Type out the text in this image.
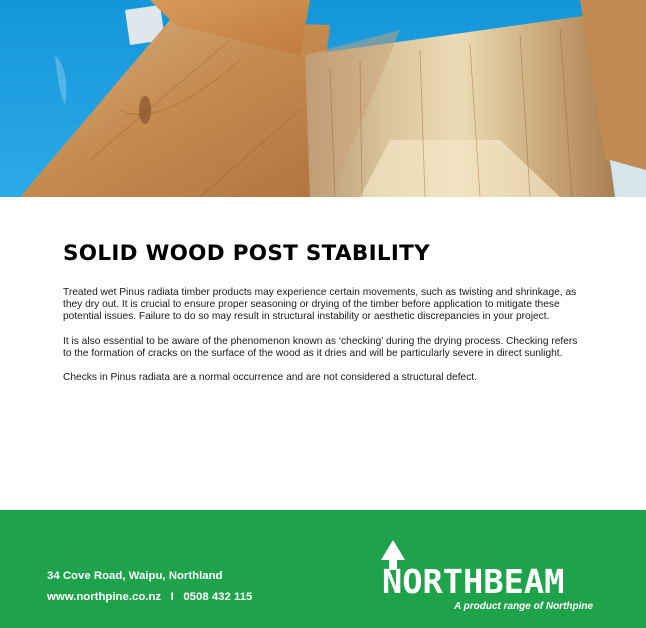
SOLID WOOD POST STABILITY

Treated wet Pinus radiata timber products may experience certain movements, such as twisting and shrinkage, as they dry out. It is crucial to ensure proper seasoning or drying of the timber before application to mitigate these potential issues. Failure to do so may result in structural instability or aesthetic discrepancies in your project.

It is also essential to be aware of the phenomenon known as ‘checking’ during the drying process. Checking refers to the formation of cracks on the surface of the wood as it dries and will be particularly severe in direct sunlight.

Checks in Pinus radiata are a normal occurrence and are not considered a structural defect.

34 Cove Road, Waipu, Northland
www.northpine.co.nz I 0508 432 115	NORTHBEAM
A product range of Northpine
